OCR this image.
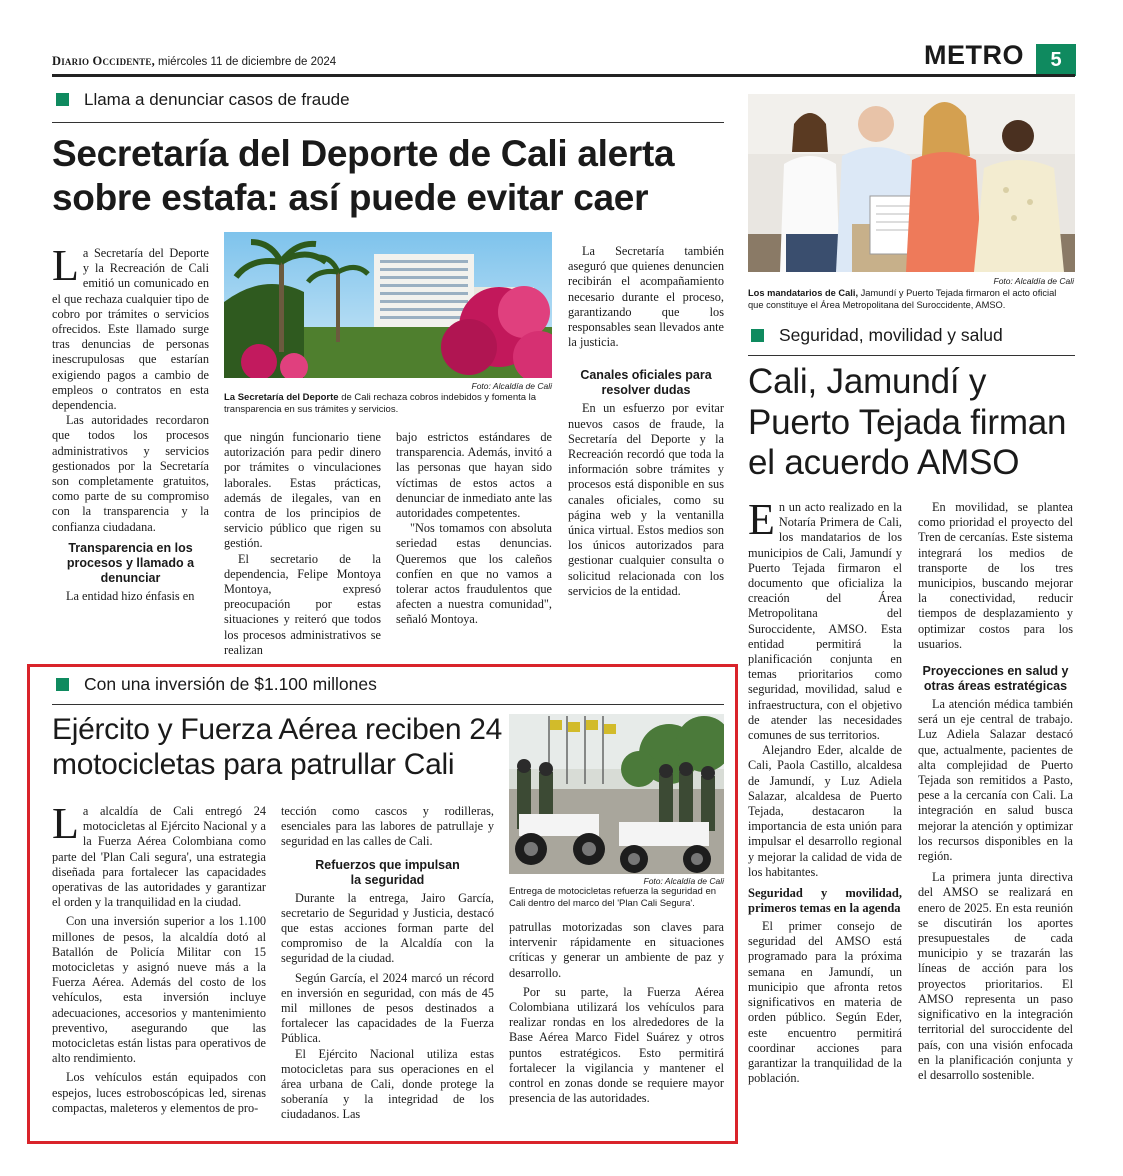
Diario Occidente, miércoles 11 de diciembre de 2024	METRO	5
Llama a denunciar casos de fraude
Secretaría del Deporte de Cali alerta
sobre estafa: así puede evitar caer

La Secretaría del Deporte y la Recreación de Cali emitió un comunicado en el que rechaza cualquier tipo de cobro por trámites o servicios ofrecidos. Este llamado surge tras denuncias de personas inescrupulosas que estarían exigiendo pagos a cambio de empleos o contratos en esta dependencia.

Las autoridades recordaron que todos los procesos administrativos y servicios gestionados por la Secretaría son completamente gratuitos, como parte de su compromiso con la transparencia y la confianza ciudadana.

Transparencia en los procesos y llamado a denunciar

La entidad hizo énfasis en

Foto: Alcaldía de Cali
La Secretaría del Deporte de Cali rechaza cobros indebidos y fomenta la transparencia en sus trámites y servicios.

que ningún funcionario tiene autorización para pedir dinero por trámites o vinculaciones laborales. Estas prácticas, además de ilegales, van en contra de los principios de servicio público que rigen su gestión.

El secretario de la dependencia, Felipe Montoya Montoya, expresó preocupación por estas situaciones y reiteró que todos los procesos administrativos se realizan

bajo estrictos estándares de transparencia. Además, invitó a las personas que hayan sido víctimas de estos actos a denunciar de inmediato ante las autoridades competentes.

"Nos tomamos con absoluta seriedad estas denuncias. Queremos que los caleños confíen en que no vamos a tolerar actos fraudulentos que afecten a nuestra comunidad", señaló Montoya.

La Secretaría también aseguró que quienes denuncien recibirán el acompañamiento necesario durante el proceso, garantizando que los responsables sean llevados ante la justicia.

Canales oficiales para resolver dudas

En un esfuerzo por evitar nuevos casos de fraude, la Secretaría del Deporte y la Recreación recordó que toda la información sobre trámites y procesos está disponible en sus canales oficiales, como su página web y la ventanilla única virtual. Estos medios son los únicos autorizados para gestionar cualquier consulta o solicitud relacionada con los servicios de la entidad.

Foto: Alcaldía de Cali
Los mandatarios de Cali, Jamundí y Puerto Tejada firmaron el acto oficial que constituye el Área Metropolitana del Suroccidente, AMSO.
Seguridad, movilidad y salud
Cali, Jamundí y
Puerto Tejada firman
el acuerdo AMSO

En un acto realizado en la Notaría Primera de Cali, los mandatarios de los municipios de Cali, Jamundí y Puerto Tejada firmaron el documento que oficializa la creación del Área Metropolitana del Suroccidente, AMSO. Esta entidad permitirá la planificación conjunta en temas prioritarios como seguridad, movilidad, salud e infraestructura, con el objetivo de atender las necesidades comunes de sus territorios.

Alejandro Eder, alcalde de Cali, Paola Castillo, alcaldesa de Jamundí, y Luz Adiela Salazar, alcaldesa de Puerto Tejada, destacaron la importancia de esta unión para impulsar el desarrollo regional y mejorar la calidad de vida de los habitantes.

Seguridad y movilidad, primeros temas en la agenda

El primer consejo de seguridad del AMSO está programado para la próxima semana en Jamundí, un municipio que afronta retos significativos en materia de orden público. Según Eder, este encuentro permitirá coordinar acciones para garantizar la tranquilidad de la población.

En movilidad, se plantea como prioridad el proyecto del Tren de cercanías. Este sistema integrará los medios de transporte de los tres municipios, buscando mejorar la conectividad, reducir tiempos de desplazamiento y optimizar costos para los usuarios.

Proyecciones en salud y otras áreas estratégicas

La atención médica también será un eje central de trabajo. Luz Adiela Salazar destacó que, actualmente, pacientes de alta complejidad de Puerto Tejada son remitidos a Pasto, pese a la cercanía con Cali. La integración en salud busca mejorar la atención y optimizar los recursos disponibles en la región.

La primera junta directiva del AMSO se realizará en enero de 2025. En esta reunión se discutirán los aportes presupuestales de cada municipio y se trazarán las líneas de acción para los proyectos prioritarios. El AMSO representa un paso significativo en la integración territorial del suroccidente del país, con una visión enfocada en la planificación conjunta y el desarrollo sostenible.

Con una inversión de $1.100 millones
Ejército y Fuerza Aérea reciben 24
motocicletas para patrullar Cali
Foto: Alcaldía de Cali
Entrega de motocicletas refuerza la seguridad en Cali dentro del marco del 'Plan Cali Segura'.

La alcaldía de Cali entregó 24 motocicletas al Ejército Nacional y a la Fuerza Aérea Colombiana como parte del 'Plan Cali segura', una estrategia diseñada para fortalecer las capacidades operativas de las autoridades y garantizar el orden y la tranquilidad en la ciudad.

Con una inversión superior a los 1.100 millones de pesos, la alcaldía dotó al Batallón de Policía Militar con 15 motocicletas y asignó nueve más a la Fuerza Aérea. Además del costo de los vehículos, esta inversión incluye adecuaciones, accesorios y mantenimiento preventivo, asegurando que las motocicletas están listas para operativos de alto rendimiento.

Los vehículos están equipados con espejos, luces estroboscópicas led, sirenas compactas, maleteros y elementos de pro-

tección como cascos y rodilleras, esenciales para las labores de patrullaje y seguridad en las calles de Cali.

Refuerzos que impulsan la seguridad

Durante la entrega, Jairo García, secretario de Seguridad y Justicia, destacó que estas acciones forman parte del compromiso de la Alcaldía con la seguridad de la ciudad.

Según García, el 2024 marcó un récord en inversión en seguridad, con más de 45 mil millones de pesos destinados a fortalecer las capacidades de la Fuerza Pública.

El Ejército Nacional utiliza estas motocicletas para sus operaciones en el área urbana de Cali, donde protege la soberanía y la integridad de los ciudadanos. Las

patrullas motorizadas son claves para intervenir rápidamente en situaciones críticas y generar un ambiente de paz y desarrollo.

Por su parte, la Fuerza Aérea Colombiana utilizará los vehículos para realizar rondas en los alrededores de la Base Aérea Marco Fidel Suárez y otros puntos estratégicos. Esto permitirá fortalecer la vigilancia y mantener el control en zonas donde se requiere mayor presencia de las autoridades.
